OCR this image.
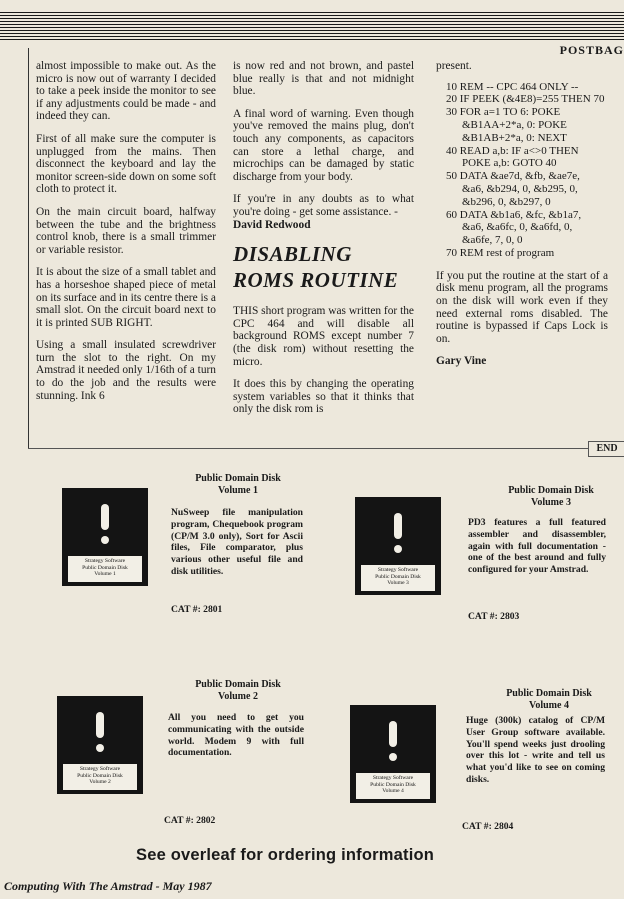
POSTBAG

almost impossible to make out. As the micro is now out of warranty I decided to take a peek inside the monitor to see if any adjustments could be made - and indeed they can.

First of all make sure the computer is unplugged from the mains. Then disconnect the keyboard and lay the monitor screen-side down on some soft cloth to protect it.

On the main circuit board, halfway between the tube and the brightness control knob, there is a small trimmer or variable resistor.

It is about the size of a small tablet and has a horseshoe shaped piece of metal on its surface and in its centre there is a small slot. On the circuit board next to it is printed SUB RIGHT.

Using a small insulated screwdriver turn the slot to the right. On my Amstrad it needed only 1/16th of a turn to do the job and the results were stunning. Ink 6

is now red and not brown, and pastel blue really is that and not midnight blue.

A final word of warning. Even though you've removed the mains plug, don't touch any components, as capacitors can store a lethal charge, and microchips can be damaged by static discharge from your body.

If you're in any doubts as to what you're doing - get some assistance. -

David Redwood

DISABLING
ROMS ROUTINE

THIS short program was written for the CPC 464 and will disable all background ROMS except number 7 (the disk rom) without resetting the micro.

It does this by changing the operating system variables so that it thinks that only the disk rom is

present.

10 REM -- CPC 464 ONLY --
20 IF PEEK (&4E8)=255 THEN 70
30 FOR a=1 TO 6: POKE
&B1AA+2*a, 0: POKE
&B1AB+2*a, 0: NEXT
40 READ a,b: IF a<>0 THEN
POKE a,b: GOTO 40
50 DATA &ae7d, &fb, &ae7e,
&a6, &b294, 0, &b295, 0,
&b296, 0, &b297, 0
60 DATA &b1a6, &fc, &b1a7,
&a6, &a6fc, 0, &a6fd, 0,
&a6fe, 7, 0, 0
70 REM rest of program

If you put the routine at the start of a disk menu program, all the programs on the disk will work even if they need external roms disabled. The routine is bypassed if Caps Lock is on.

Gary Vine

END
Public Domain Disk
Volume 1
Strategy Software
Public Domain Disk
Volume 1
NuSweep file manipulation program, Chequebook program (CP/M 3.0 only), Sort for Ascii files, File comparator, plus various other useful file and disk utilities.
CAT #: 2801
Public Domain Disk
Volume 3
Strategy Software
Public Domain Disk
Volume 3
PD3 features a full featured assembler and disassembler, again with full documentation - one of the best around and fully configured for your Amstrad.
CAT #: 2803
Public Domain Disk
Volume 2
Strategy Software
Public Domain Disk
Volume 2
All you need to get you communicating with the outside world. Modem 9 with full documentation.
CAT #: 2802
Public Domain Disk
Volume 4
Strategy Software
Public Domain Disk
Volume 4
Huge (300k) catalog of CP/M User Group software available. You'll spend weeks just drooling over this lot - write and tell us what you'd like to see on coming disks.
CAT #: 2804
See overleaf for ordering information
Computing With The Amstrad - May 1987
